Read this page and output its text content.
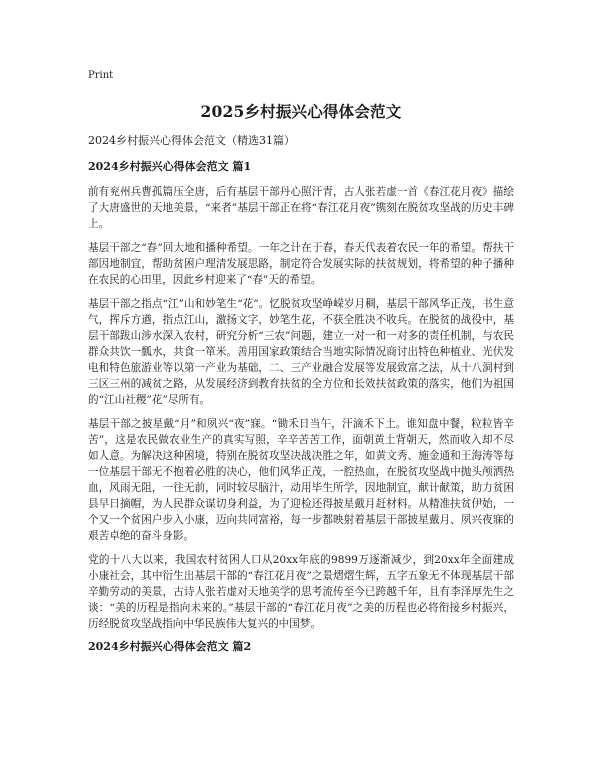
Print
2025乡村振兴心得体会范文
2024乡村振兴心得体会范文（精选31篇）
2024乡村振兴心得体会范文 篇1

前有兖州兵曹孤篇压全唐，后有基层干部丹心照汗青，古人张若虚一首《春江花月夜》描绘了大唐盛世的天地美景，“来者”基层干部正在将“春江花月夜”镌刻在脱贫攻坚战的历史丰碑上。

基层干部之“春”回大地和播种希望。一年之计在于春，春天代表着农民一年的希望。帮扶干部因地制宜，帮助贫困户理清发展思路，制定符合发展实际的扶贫规划，将希望的种子播种在农民的心田里，因此乡村迎来了“春”天的希望。

基层干部之指点“江”山和妙笔生“花”。忆脱贫攻坚峥嵘岁月稠，基层干部风华正茂，书生意气，挥斥方遒，指点江山，激扬文字，妙笔生花，不获全胜决不收兵。在脱贫的战役中，基层干部跋山涉水深入农村，研究分析“三农”问题，建立一对一和一对多的责任机制，与农民群众共饮一瓢水，共食一箪米。善用国家政策结合当地实际情况商讨出特色种植业、光伏发电和特色旅游业等以第一产业为基础，二、三产业融合发展等发展致富之法，从十八洞村到三区三州的减贫之路，从发展经济到教育扶贫的全方位和长效扶贫政策的落实，他们为祖国的“江山社稷”花”尽所有。

基层干部之披星戴“月”和夙兴“夜”寐。“锄禾日当午，汗滴禾下土。谁知盘中餐，粒粒皆辛苦”，这是农民做农业生产的真实写照，辛辛苦苦工作，面朝黄土背朝天，然而收入却不尽如人意。为解决这种困境，特别在脱贫攻坚决战决胜之年，如黄文秀、施金通和王海涛等每一位基层干部无不抱着必胜的决心，他们风华正茂，一腔热血，在脱贫攻坚战中抛头颅洒热血，风雨无阻，一往无前，同时较尽脑汁，动用毕生所学，因地制宜，献计献策，助力贫困县早日摘帽，为人民群众谋切身利益，为了迎检还得披星戴月赶材料。从精准扶贫伊始，一个又一个贫困户步入小康，迈向共同富裕，每一步都映射着基层干部披星戴月、夙兴夜寐的艰苦卓绝的奋斗身影。

党的十八大以来，我国农村贫困人口从20xx年底的9899万逐渐减少，到20xx年全面建成小康社会，其中衍生出基层干部的“春江花月夜”之景熠熠生辉，五字五象无不体现基层干部辛勤劳动的美景，古诗人张若虚对天地美学的思考流传至今已跨越千年，且有李泽厚先生之谈：“美的历程是指向未来的。”基层干部的“春江花月夜”之美的历程也必将衔接乡村振兴，历经脱贫攻坚战指向中华民族伟大复兴的中国梦。

2024乡村振兴心得体会范文 篇2
